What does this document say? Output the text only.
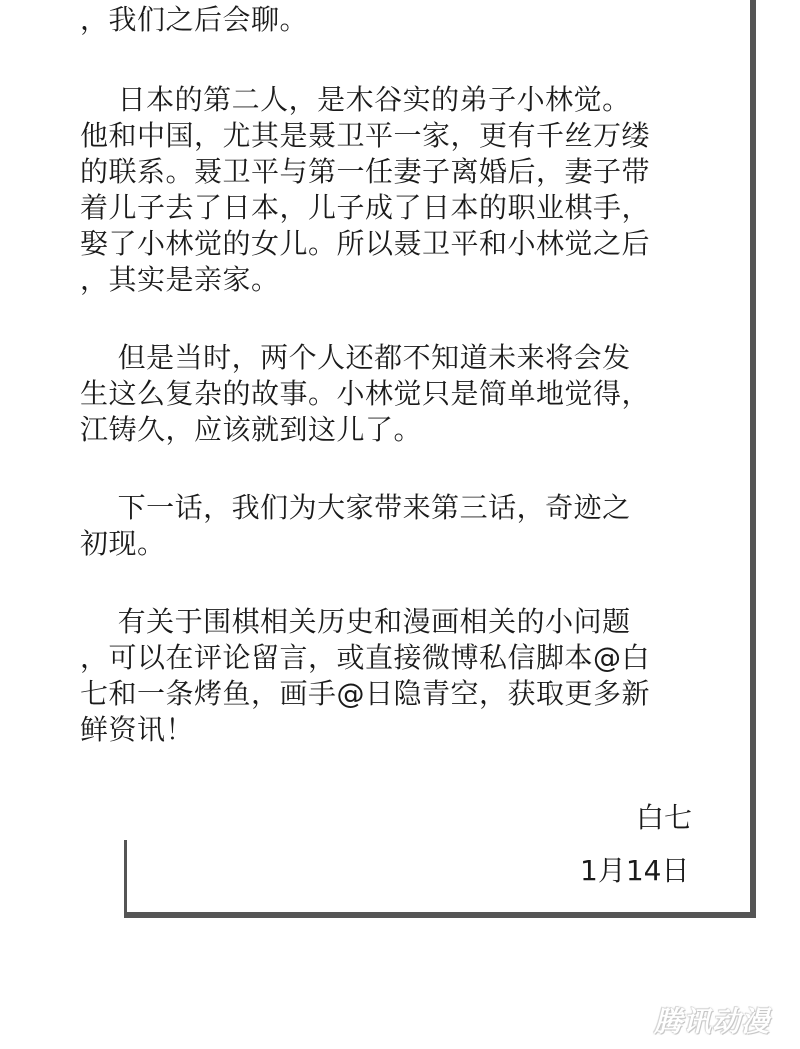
，我们之后会聊。

日本的第二人，是木谷实的弟子小林觉。
他和中国，尤其是聂卫平一家，更有千丝万缕
的联系。聂卫平与第一任妻子离婚后，妻子带
着儿子去了日本，儿子成了日本的职业棋手，
娶了小林觉的女儿。所以聂卫平和小林觉之后
，其实是亲家。

但是当时，两个人还都不知道未来将会发
生这么复杂的故事。小林觉只是简单地觉得，
江铸久，应该就到这儿了。

下一话，我们为大家带来第三话，奇迹之
初现。

有关于围棋相关历史和漫画相关的小问题
，可以在评论留言，或直接微博私信脚本@白
七和一条烤鱼，画手@日隐青空，获取更多新
鲜资讯！

白七
1月14日
腾讯动漫
